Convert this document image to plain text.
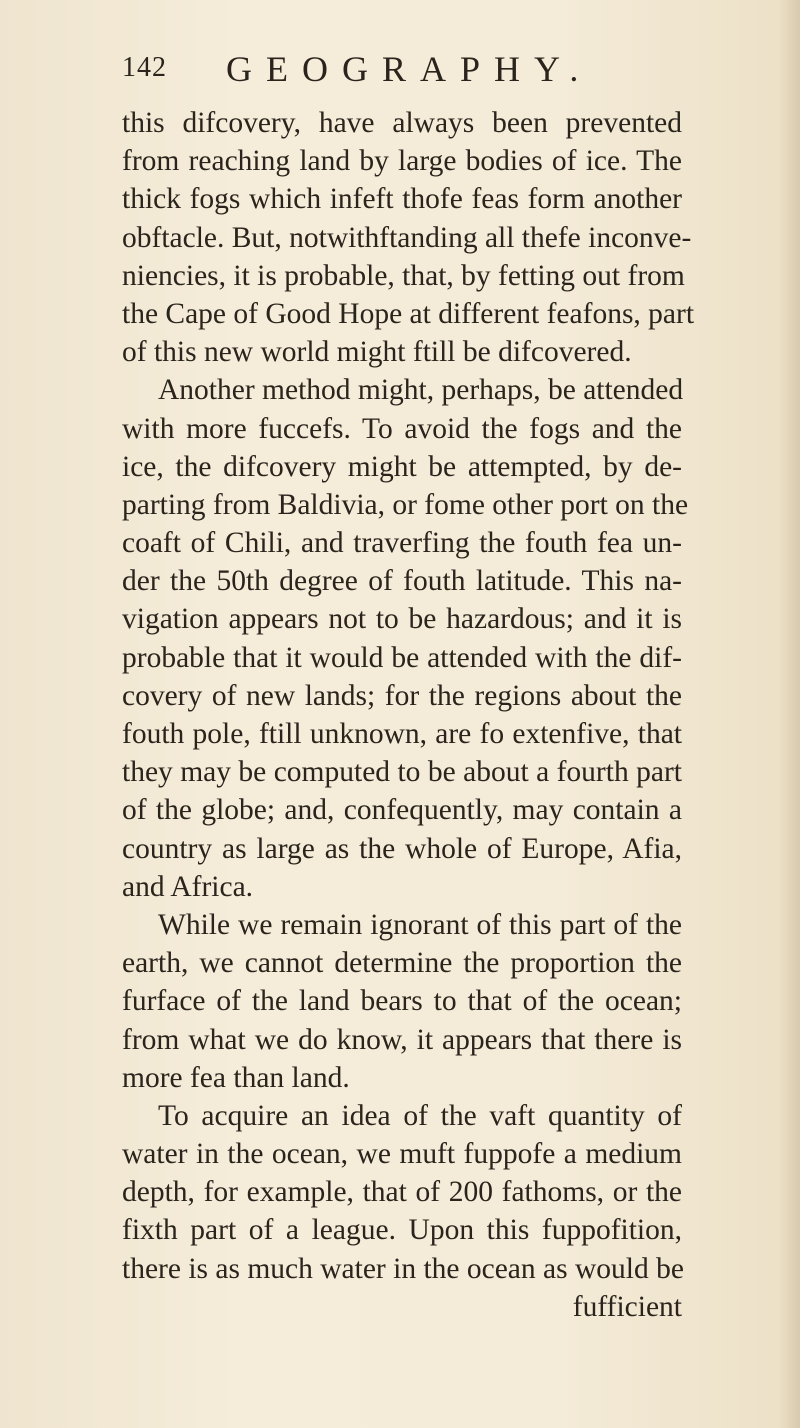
142 GEOGRAPHY.
this difcovery, have always been prevented
from reaching land by large bodies of ice. The
thick fogs which infeft thofe feas form another
obftacle. But, notwithftanding all thefe inconve-
niencies, it is probable, that, by fetting out from
the Cape of Good Hope at different feafons, part
of this new world might ftill be difcovered.
Another method might, perhaps, be attended
with more fuccefs. To avoid the fogs and the
ice, the difcovery might be attempted, by de-
parting from Baldivia, or fome other port on the
coaft of Chili, and traverfing the fouth fea un-
der the 50th degree of fouth latitude. This na-
vigation appears not to be hazardous; and it is
probable that it would be attended with the dif-
covery of new lands; for the regions about the
fouth pole, ftill unknown, are fo extenfive, that
they may be computed to be about a fourth part
of the globe; and, confequently, may contain a
country as large as the whole of Europe, Afia,
and Africa.
While we remain ignorant of this part of the
earth, we cannot determine the proportion the
furface of the land bears to that of the ocean;
from what we do know, it appears that there is
more fea than land.
To acquire an idea of the vaft quantity of
water in the ocean, we muft fuppofe a medium
depth, for example, that of 200 fathoms, or the
fixth part of a league. Upon this fuppofition,
there is as much water in the ocean as would be
fufficient
